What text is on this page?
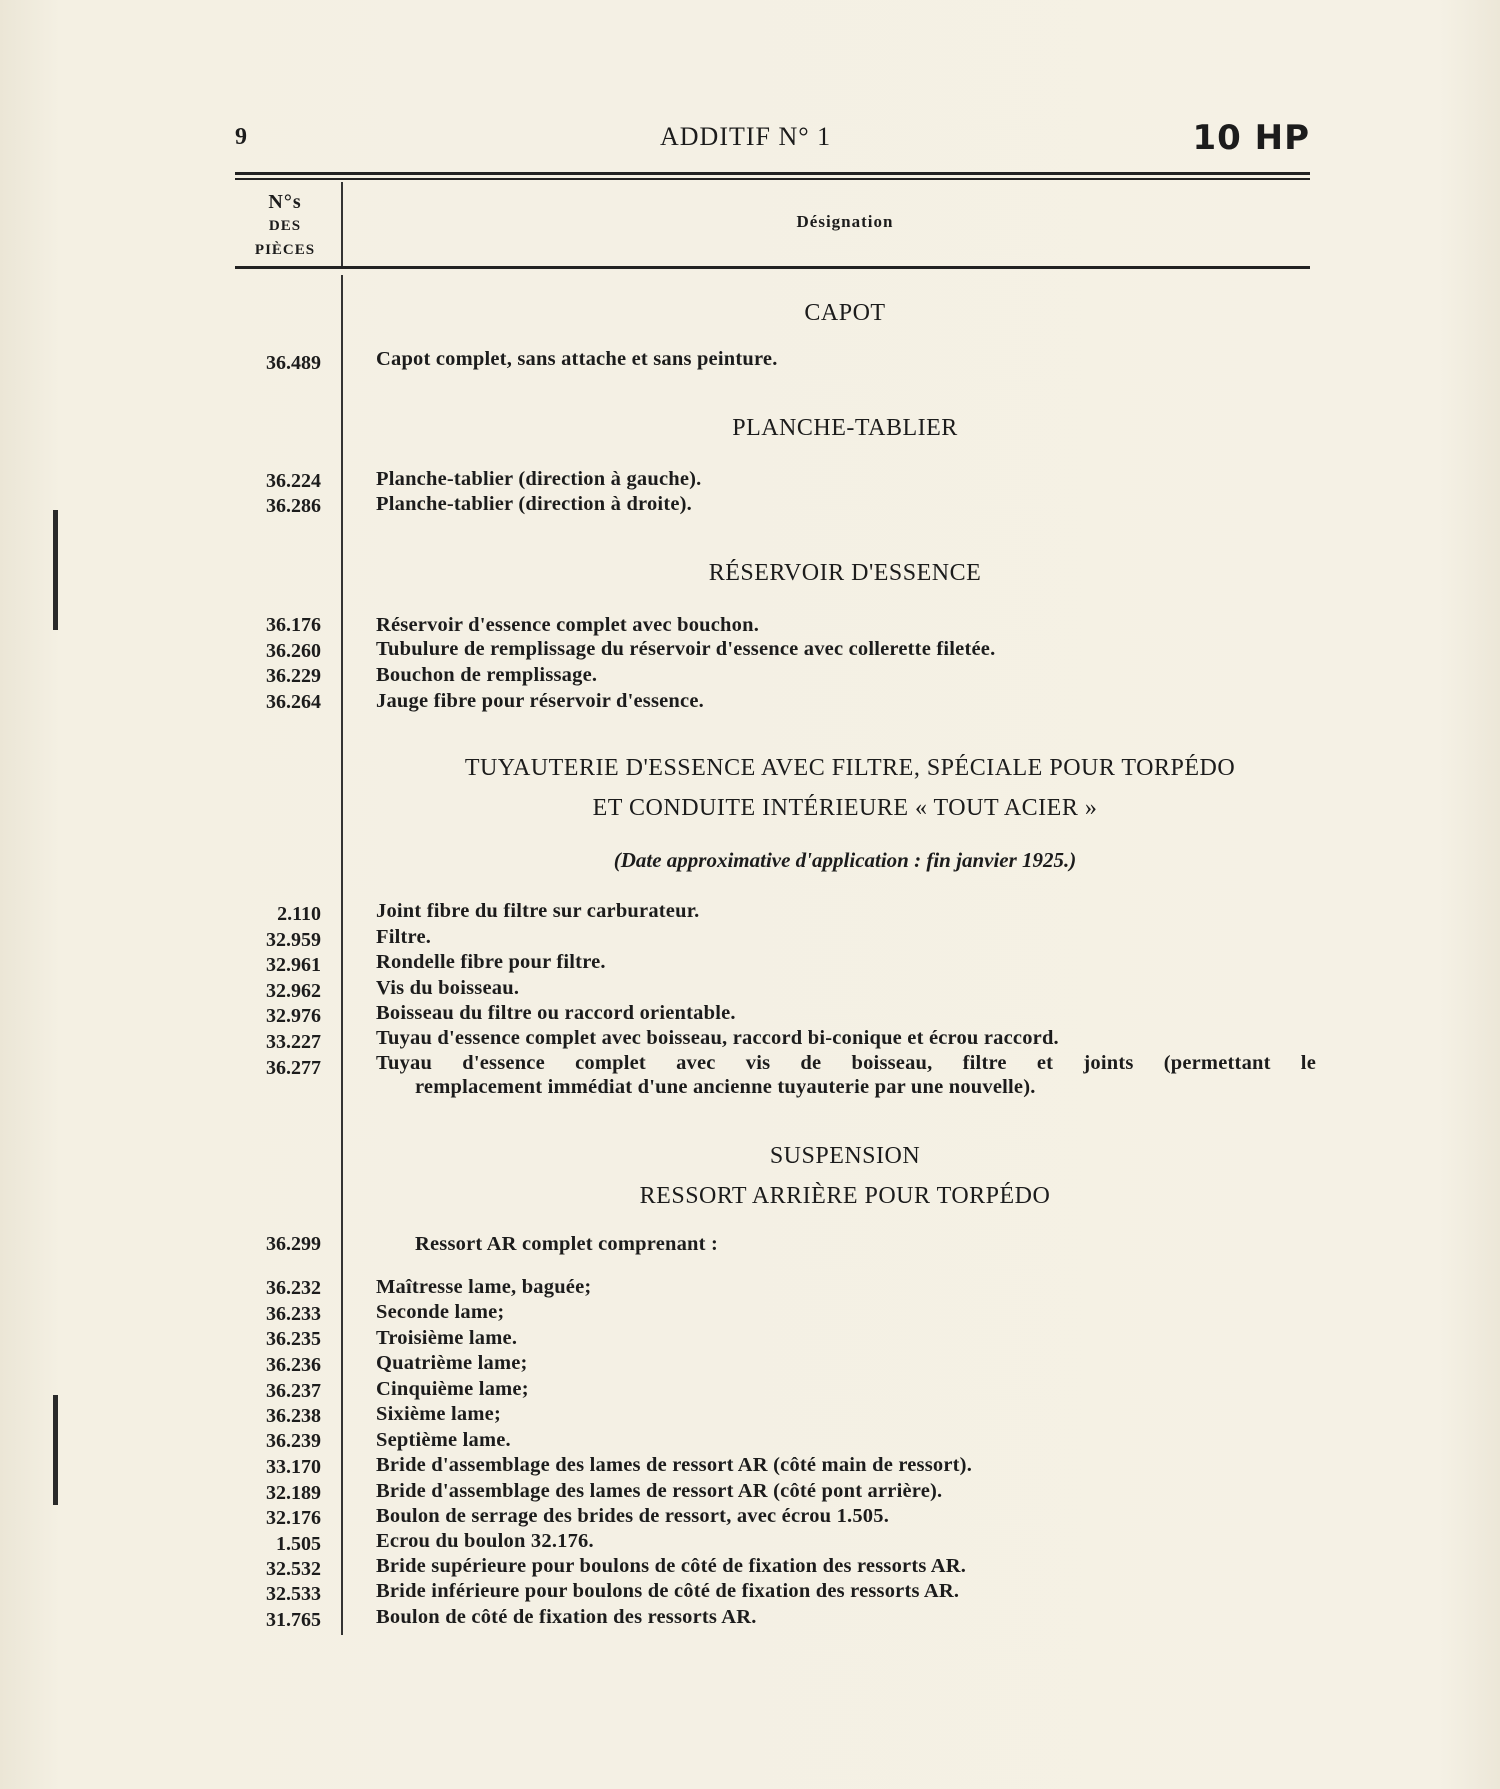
9	ADDITIF N° 1	10 HP
N°s
DES
PIÈCES
Désignation
CAPOT
PLANCHE-TABLIER
RÉSERVOIR D'ESSENCE
TUYAUTERIE D'ESSENCE AVEC FILTRE, SPÉCIALE POUR TORPÉDO
ET CONDUITE INTÉRIEURE « TOUT ACIER »
(Date approximative d'application : fin janvier 1925.)
SUSPENSION
RESSORT ARRIÈRE POUR TORPÉDO
36.489	Capot complet, sans attache et sans peinture.
36.224	Planche-tablier (direction à gauche).
36.286	Planche-tablier (direction à droite).
36.176	Réservoir d'essence complet avec bouchon.
36.260	Tubulure de remplissage du réservoir d'essence avec collerette filetée.
36.229	Bouchon de remplissage.
36.264	Jauge fibre pour réservoir d'essence.
2.110	Joint fibre du filtre sur carburateur.
32.959	Filtre.
32.961	Rondelle fibre pour filtre.
32.962	Vis du boisseau.
32.976	Boisseau du filtre ou raccord orientable.
33.227	Tuyau d'essence complet avec boisseau, raccord bi-conique et écrou raccord.
36.277	Tuyau d'essence complet avec vis de boisseau, filtre et joints (permettant le
remplacement immédiat d'une ancienne tuyauterie par une nouvelle).
36.299	Ressort AR complet comprenant :
36.232	Maîtresse lame, baguée;
36.233	Seconde lame;
36.235	Troisième lame.
36.236	Quatrième lame;
36.237	Cinquième lame;
36.238	Sixième lame;
36.239	Septième lame.
33.170	Bride d'assemblage des lames de ressort AR (côté main de ressort).
32.189	Bride d'assemblage des lames de ressort AR (côté pont arrière).
32.176	Boulon de serrage des brides de ressort, avec écrou 1.505.
1.505	Ecrou du boulon 32.176.
32.532	Bride supérieure pour boulons de côté de fixation des ressorts AR.
32.533	Bride inférieure pour boulons de côté de fixation des ressorts AR.
31.765	Boulon de côté de fixation des ressorts AR.
